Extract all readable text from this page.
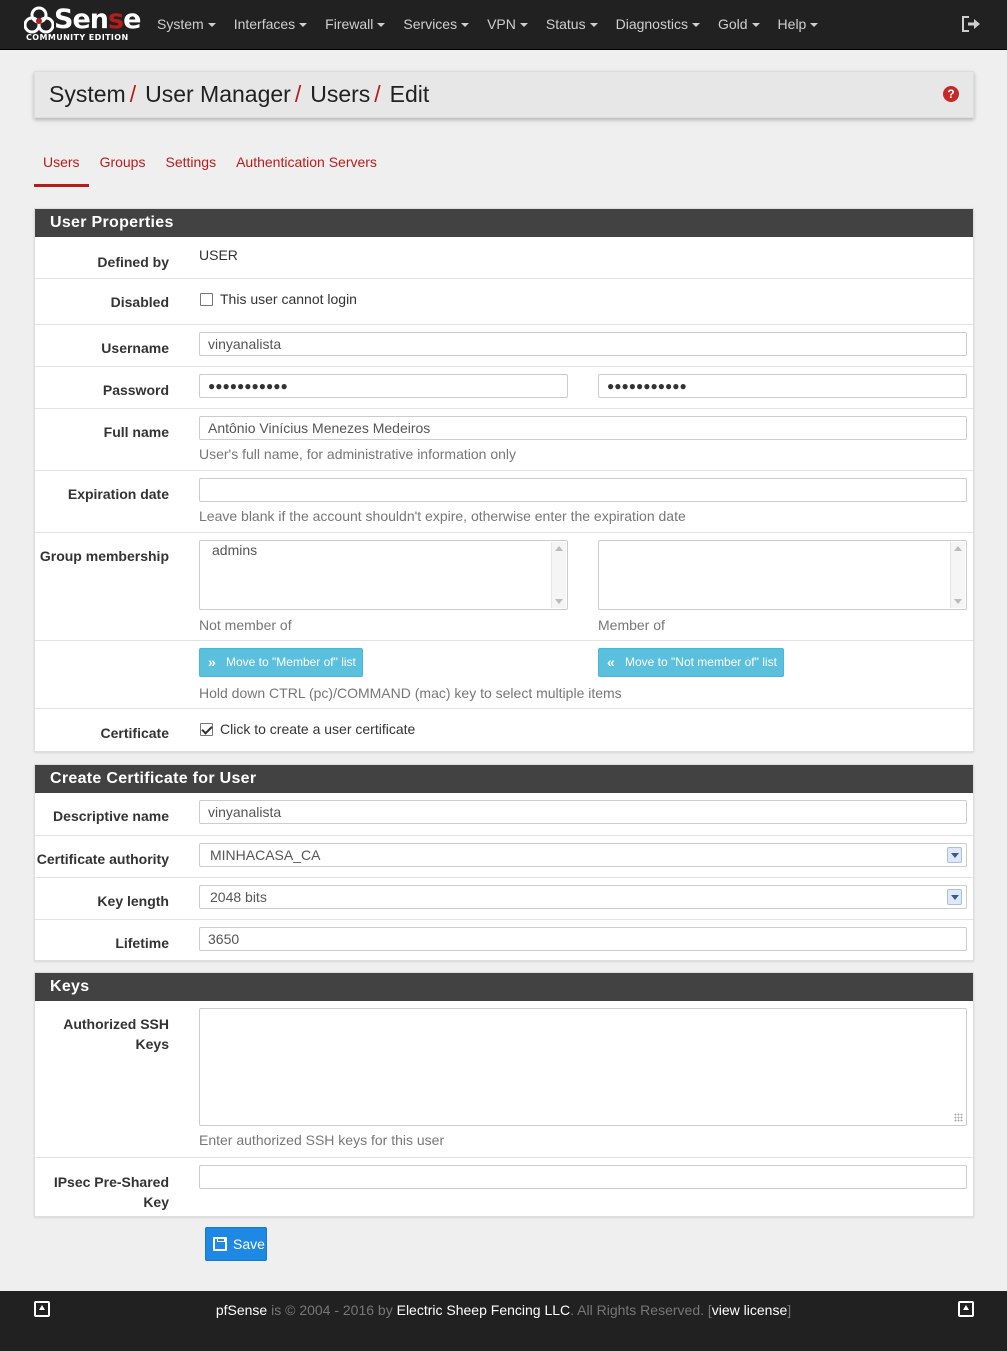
Sense
COMMUNITY EDITION
System	Interfaces	Firewall	Services	VPN	Status	Diagnostics	Gold	Help
System / User Manager / Users / Edit	?
Users	Groups	Settings	Authentication Servers
User Properties
Defined by USER
Disabled	This user cannot login
Username	vinyanalista
Password	●●●●●●●●●●●	●●●●●●●●●●●
Full name	Antônio Vinícius Menezes Medeiros
User's full name, for administrative information only
Expiration date
Leave blank if the account shouldn't expire, otherwise enter the expiration date
Group membership	admins
Not member of	Member of
» Move to "Member of" list	« Move to "Not member of" list
Hold down CTRL (pc)/COMMAND (mac) key to select multiple items
Certificate	Click to create a user certificate
Create Certificate for User
Descriptive name	vinyanalista
Certificate authority	MINHACASA_CA
Key length	2048 bits
Lifetime	3650
Keys
Authorized SSH
Keys
Enter authorized SSH keys for this user
IPsec Pre-Shared
Key
Save
pfSense is © 2004 - 2016 by Electric Sheep Fencing LLC. All Rights Reserved. [view license]
